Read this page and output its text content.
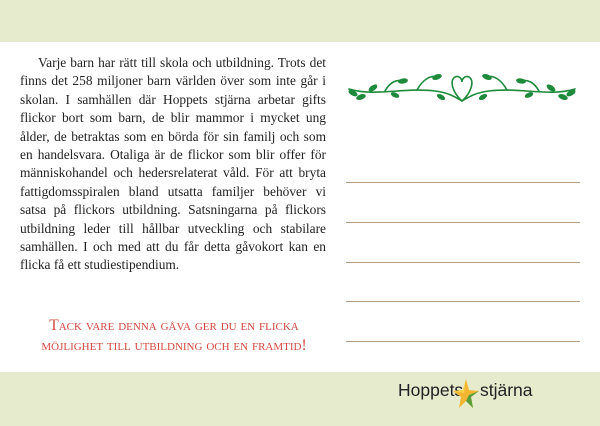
Varje barn har rätt till skola och utbildning. Trots det finns det 258 miljoner barn världen över som inte går i skolan. I samhällen där Hoppets stjärna arbetar gifts flickor bort som barn, de blir mammor i mycket ung ålder, de betraktas som en börda för sin familj och som en handelsvara. Otaliga är de flickor som blir offer för människohandel och hedersrelaterat våld. För att bryta fattigdomsspiralen bland utsatta familjer behöver vi satsa på flickors utbildning. Satsningarna på flickors utbildning leder till hållbar utveckling och stabilare samhällen. I och med att du får detta gåvokort kan en flicka få ett studiestipendium.

Tack vare denna gåva ger du en flicka möjlighet till utbildning och en framtid!
Hoppets stjärna
